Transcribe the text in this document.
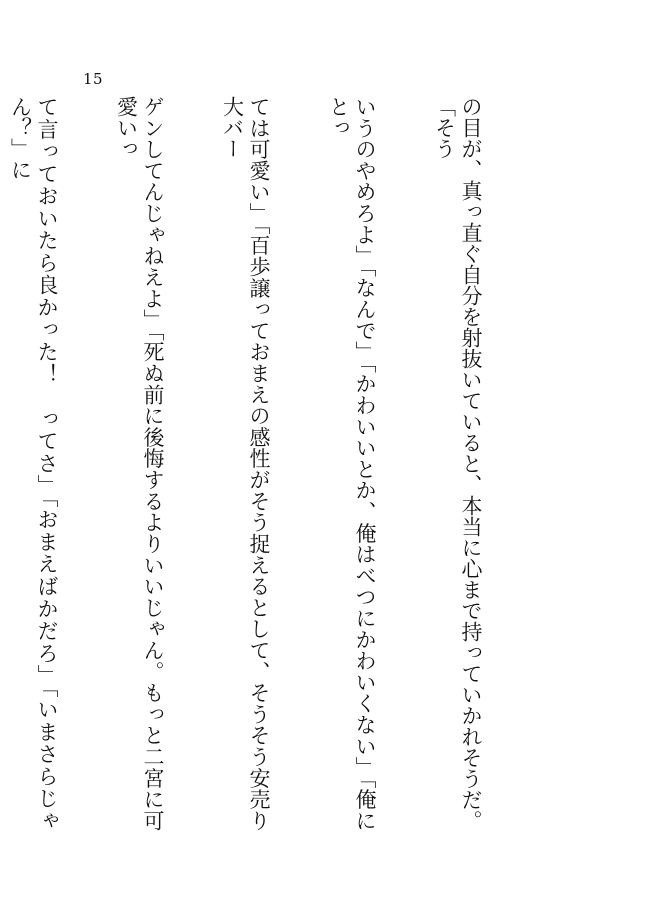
15

の目が、真っ直ぐ自分を射抜いていると、本当に心まで持っていかれそうだ。「そう

いうのやめろよ」「なんで」「かわいいとか、俺はべつにかわいくない」「俺にとっ

ては可愛い」「百歩譲っておまえの感性がそう捉えるとして、そうそう安売り大バー

ゲンしてんじゃねえよ」「死ぬ前に後悔するよりいいじゃん。もっと二宮に可愛いっ

て言っておいたら良かった！　ってさ」「おまえばかだろ」「いまさらじゃん？」に
